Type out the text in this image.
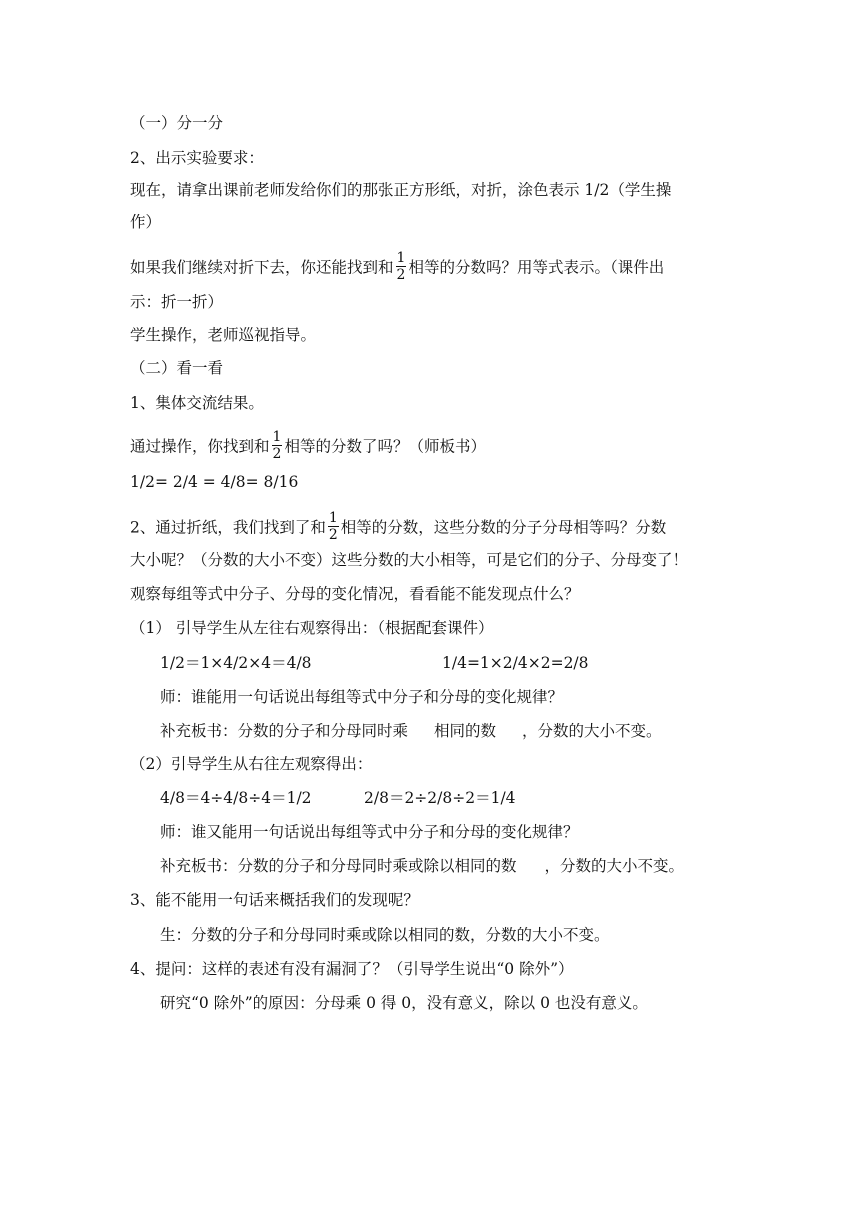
（一）分一分
2、出示实验要求：
现在，请拿出课前老师发给你们的那张正方形纸，对折，涂色表示 1/2（学生操
作）
如果我们继续对折下去，你还能找到和 $\frac{1}{2}$ 相等的分数吗？用等式表示。（课件出
示：折一折）
学生操作，老师巡视指导。
（二）看一看
1、集体交流结果。
通过操作，你找到和 $\frac{1}{2}$ 相等的分数了吗？（师板书）
1/2= 2/4 = 4/8= 8/16
2、通过折纸，我们找到了和 $\frac{1}{2}$ 相等的分数，这些分数的分子分母相等吗？分数
大小呢？（分数的大小不变）这些分数的大小相等，可是它们的分子、分母变了！
观察每组等式中分子、分母的变化情况，看看能不能发现点什么？
（1） 引导学生从左往右观察得出：（根据配套课件）
1/2＝1×4/2×4＝4/8	1/4=1×2/4×2=2/8
师：谁能用一句话说出每组等式中分子和分母的变化规律？
补充板书：分数的分子和分母同时乘 相同的数 ，分数的大小不变。
（2）引导学生从右往左观察得出：
4/8＝4÷4/8÷4＝1/2	2/8＝2÷2/8÷2＝1/4
师：谁又能用一句话说出每组等式中分子和分母的变化规律？
补充板书：分数的分子和分母同时乘或除以相同的数 ，分数的大小不变。
3、能不能用一句话来概括我们的发现呢？
生：分数的分子和分母同时乘或除以相同的数，分数的大小不变。
4、提问：这样的表述有没有漏洞了？（引导学生说出“0 除外”）
研究“0 除外”的原因：分母乘 0 得 0，没有意义，除以 0 也没有意义。
